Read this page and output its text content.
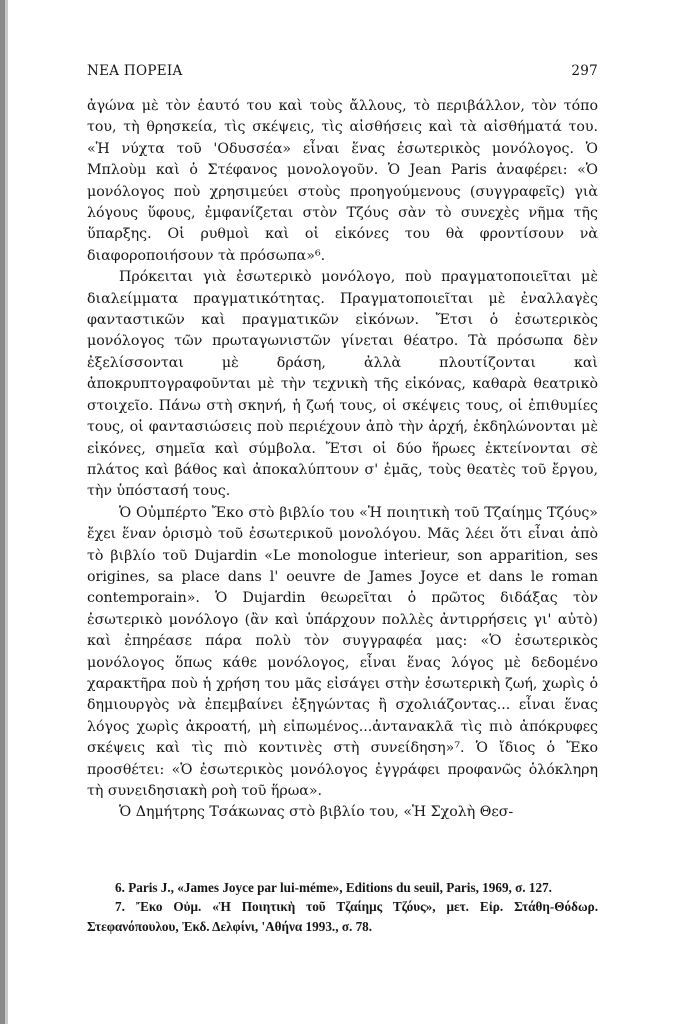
ΝΕΑ ΠΟΡΕΙΑ	297

ἀγώνα μὲ τὸν ἑαυτό του καὶ τοὺς ἄλλους, τὸ περιβάλλον, τὸν τόπο του, τὴ θρησκεία, τὶς σκέψεις, τὶς αἰσθήσεις καὶ τὰ αἰσθήματά του. «Ἡ νύχτα τοῦ 'Οδυσσέα» εἶναι ἕνας ἐσωτερικὸς μονόλογος. Ὁ Μπλοὺμ καὶ ὁ Στέφανος μονολογοῦν. Ὁ Jean Paris ἀναφέρει: «Ὁ μονόλογος ποὺ χρησιμεύει στοὺς προηγούμενους (συγγραφεῖς) γιὰ λόγους ὕφους, ἐμφανίζεται στὸν Τζόυς σὰν τὸ συνεχὲς νῆμα τῆς ὕπαρξης. Οἱ ρυθμοὶ καὶ οἱ εἰκόνες του θὰ φροντίσουν νὰ διαφοροποιήσουν τὰ πρόσωπα»⁶.

Πρόκειται γιὰ ἐσωτερικὸ μονόλογο, ποὺ πραγματοποιεῖται μὲ διαλείμματα πραγματικότητας. Πραγματοποιεῖται μὲ ἐναλλαγὲς φανταστικῶν καὶ πραγματικῶν εἰκόνων. Ἔτσι ὁ ἐσωτερικὸς μονόλογος τῶν πρωταγωνιστῶν γίνεται θέατρο. Τὰ πρόσωπα δὲν ἐξελίσσονται μὲ δράση, ἀλλὰ πλουτίζονται καὶ ἀποκρυπτογραφοῦνται μὲ τὴν τεχνικὴ τῆς εἰκόνας, καθαρὰ θεατρικὸ στοιχεῖο. Πάνω στὴ σκηνή, ἡ ζωή τους, οἱ σκέψεις τους, οἱ ἐπιθυμίες τους, οἱ φαντασιώσεις ποὺ περιέχουν ἀπὸ τὴν ἀρχή, ἐκδηλώνονται μὲ εἰκόνες, σημεῖα καὶ σύμβολα. Ἔτσι οἱ δύο ἥρωες ἐκτείνονται σὲ πλάτος καὶ βάθος καὶ ἀποκαλύπτουν σ' ἐμᾶς, τοὺς θεατὲς τοῦ ἔργου, τὴν ὑπόστασή τους.

Ὁ Οὐμπέρτο Ἔκο στὸ βιβλίο του «Ἡ ποιητικὴ τοῦ Τζαίημς Τζόυς» ἔχει ἕναν ὁρισμὸ τοῦ ἐσωτερικοῦ μονολόγου. Μᾶς λέει ὅτι εἶναι ἀπὸ τὸ βιβλίο τοῦ Dujardin «Le monologue interieur, son apparition, ses origines, sa place dans l' oeuvre de James Joyce et dans le roman contemporain». Ὁ Dujardin θεωρεῖται ὁ πρῶτος διδάξας τὸν ἐσωτερικὸ μονόλογο (ἂν καὶ ὑπάρχουν πολλὲς ἀντιρρήσεις γι' αὐτὸ) καὶ ἐπηρέασε πάρα πολὺ τὸν συγγραφέα μας: «Ὁ ἐσωτερικὸς μονόλογος ὅπως κάθε μονόλογος, εἶναι ἕνας λόγος μὲ δεδομένο χαρακτῆρα ποὺ ἡ χρήση του μᾶς εἰσάγει στὴν ἐσωτερικὴ ζωή, χωρὶς ὁ δημιουργὸς νὰ ἐπεμβαίνει ἐξηγώντας ἢ σχολιάζοντας... εἶναι ἕνας λόγος χωρὶς ἀκροατή, μὴ εἰπωμένος...ἀντανακλᾶ τὶς πιὸ ἀπόκρυφες σκέψεις καὶ τὶς πιὸ κοντινὲς στὴ συνείδηση»⁷. Ὁ ἴδιος ὁ Ἔκο προσθέτει: «Ὁ ἐσωτερικὸς μονόλογος ἐγγράφει προφανῶς ὁλόκληρη τὴ συνειδησιακὴ ροὴ τοῦ ἥρωα».

Ὁ Δημήτρης Τσάκωνας στὸ βιβλίο του, «Ἡ Σχολὴ Θεσ-

6. Paris J., «James Joyce par lui-méme», Editions du seuil, Paris, 1969, σ. 127.

7. Ἔκο Οὐμ. «Ἡ Ποιητικὴ τοῦ Τζαίημς Τζόυς», μετ. Εἰρ. Στάθη-Θόδωρ. Στεφανόπουλου, Ἐκδ. Δελφίνι, 'Αθήνα 1993., σ. 78.
